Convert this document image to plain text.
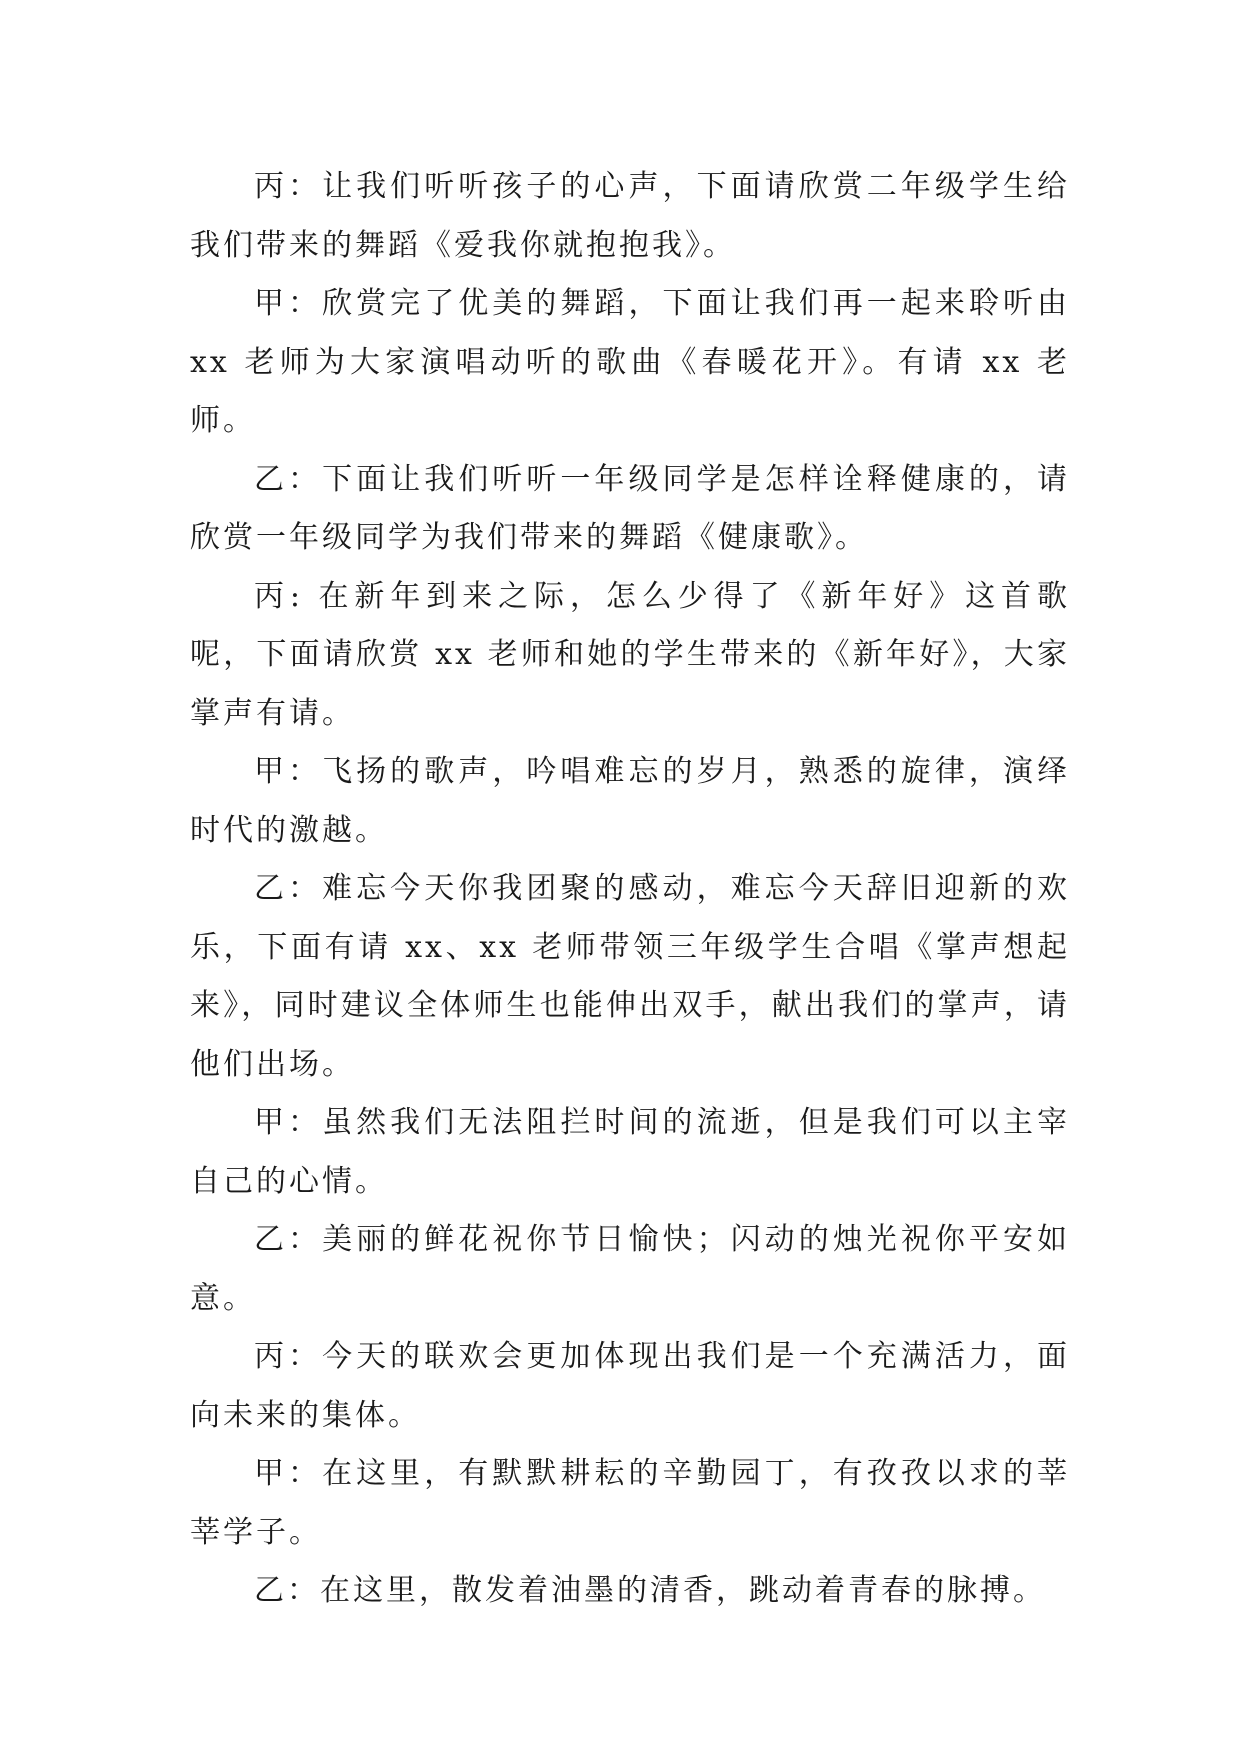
丙：让我们听听孩子的心声，下面请欣赏二年级学生给我们带来的舞蹈《爱我你就抱抱我》。

甲：欣赏完了优美的舞蹈，下面让我们再一起来聆听由 xx 老师为大家演唱动听的歌曲《春暖花开》。有请 xx 老师。

乙：下面让我们听听一年级同学是怎样诠释健康的，请欣赏一年级同学为我们带来的舞蹈《健康歌》。

丙: 在新年到来之际，怎么少得了《新年好》这首歌呢，下面请欣赏 xx 老师和她的学生带来的《新年好》，大家掌声有请。

甲：飞扬的歌声，吟唱难忘的岁月，熟悉的旋律，演绎时代的激越。

乙：难忘今天你我团聚的感动，难忘今天辞旧迎新的欢乐，下面有请 xx、xx 老师带领三年级学生合唱《掌声想起来》，同时建议全体师生也能伸出双手，献出我们的掌声，请他们出场。

甲：虽然我们无法阻拦时间的流逝，但是我们可以主宰自己的心情。

乙：美丽的鲜花祝你节日愉快；闪动的烛光祝你平安如意。

丙：今天的联欢会更加体现出我们是一个充满活力，面向未来的集体。

甲：在这里，有默默耕耘的辛勤园丁，有孜孜以求的莘莘学子。

乙：在这里，散发着油墨的清香，跳动着青春的脉搏。
